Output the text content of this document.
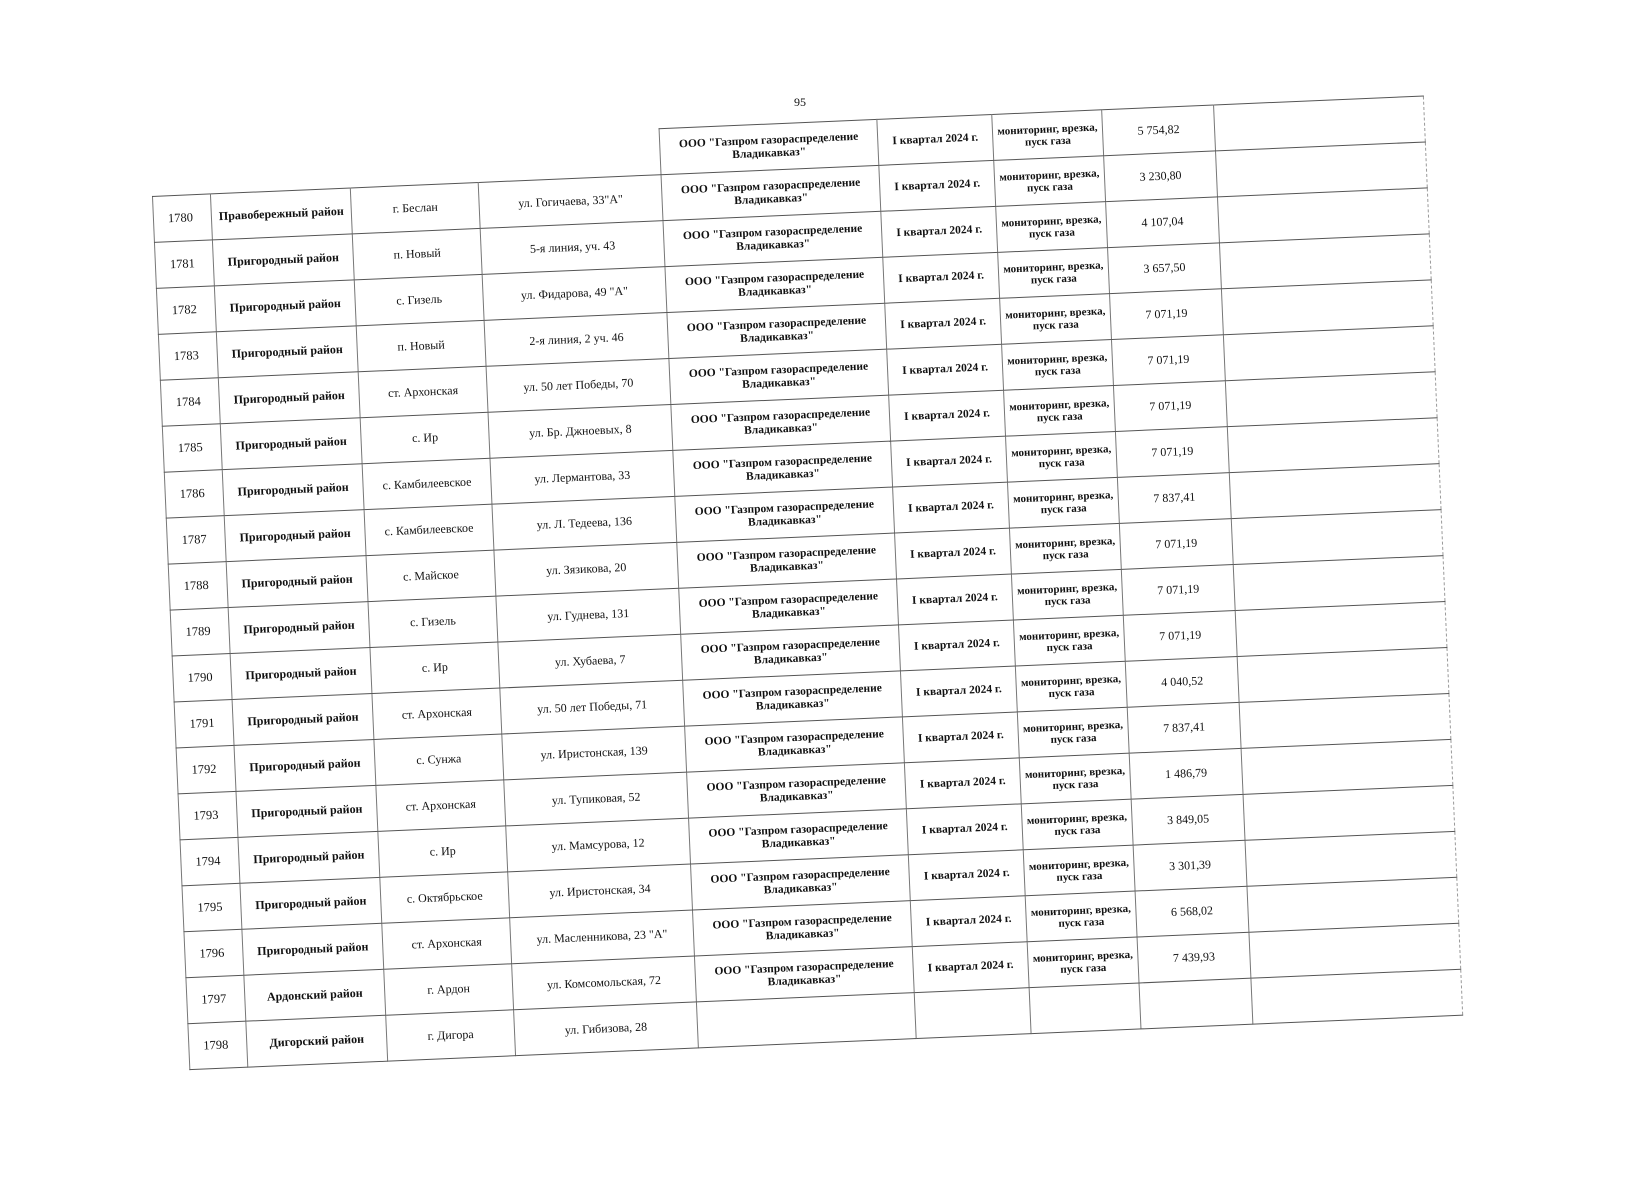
95
				ООО "Газпром газораспределение Владикавказ"	I квартал 2024 г.	мониторинг, врезка, пуск газа	5 754,82	
1780	Правобережный район	г. Беслан	ул. Гогичаева, 33"А"	ООО "Газпром газораспределение Владикавказ"	I квартал 2024 г.	мониторинг, врезка, пуск газа	3 230,80	
1781	Пригородный район	п. Новый	5-я линия, уч. 43	ООО "Газпром газораспределение Владикавказ"	I квартал 2024 г.	мониторинг, врезка, пуск газа	4 107,04	
1782	Пригородный район	с. Гизель	ул. Фидарова, 49 "А"	ООО "Газпром газораспределение Владикавказ"	I квартал 2024 г.	мониторинг, врезка, пуск газа	3 657,50	
1783	Пригородный район	п. Новый	2-я линия, 2 уч. 46	ООО "Газпром газораспределение Владикавказ"	I квартал 2024 г.	мониторинг, врезка, пуск газа	7 071,19	
1784	Пригородный район	ст. Архонская	ул. 50 лет Победы, 70	ООО "Газпром газораспределение Владикавказ"	I квартал 2024 г.	мониторинг, врезка, пуск газа	7 071,19	
1785	Пригородный район	с. Ир	ул. Бр. Джноевых, 8	ООО "Газпром газораспределение Владикавказ"	I квартал 2024 г.	мониторинг, врезка, пуск газа	7 071,19	
1786	Пригородный район	с. Камбилеевское	ул. Лермантова, 33	ООО "Газпром газораспределение Владикавказ"	I квартал 2024 г.	мониторинг, врезка, пуск газа	7 071,19	
1787	Пригородный район	с. Камбилеевское	ул. Л. Тедеева, 136	ООО "Газпром газораспределение Владикавказ"	I квартал 2024 г.	мониторинг, врезка, пуск газа	7 837,41	
1788	Пригородный район	с. Майское	ул. Зязикова, 20	ООО "Газпром газораспределение Владикавказ"	I квартал 2024 г.	мониторинг, врезка, пуск газа	7 071,19	
1789	Пригородный район	с. Гизель	ул. Гуднева, 131	ООО "Газпром газораспределение Владикавказ"	I квартал 2024 г.	мониторинг, врезка, пуск газа	7 071,19	
1790	Пригородный район	с. Ир	ул. Хубаева, 7	ООО "Газпром газораспределение Владикавказ"	I квартал 2024 г.	мониторинг, врезка, пуск газа	7 071,19	
1791	Пригородный район	ст. Архонская	ул. 50 лет Победы, 71	ООО "Газпром газораспределение Владикавказ"	I квартал 2024 г.	мониторинг, врезка, пуск газа	4 040,52	
1792	Пригородный район	с. Сунжа	ул. Иристонская, 139	ООО "Газпром газораспределение Владикавказ"	I квартал 2024 г.	мониторинг, врезка, пуск газа	7 837,41	
1793	Пригородный район	ст. Архонская	ул. Тупиковая, 52	ООО "Газпром газораспределение Владикавказ"	I квартал 2024 г.	мониторинг, врезка, пуск газа	1 486,79	
1794	Пригородный район	с. Ир	ул. Мамсурова, 12	ООО "Газпром газораспределение Владикавказ"	I квартал 2024 г.	мониторинг, врезка, пуск газа	3 849,05	
1795	Пригородный район	с. Октябрьское	ул. Иристонская, 34	ООО "Газпром газораспределение Владикавказ"	I квартал 2024 г.	мониторинг, врезка, пуск газа	3 301,39	
1796	Пригородный район	ст. Архонская	ул. Масленникова, 23 "А"	ООО "Газпром газораспределение Владикавказ"	I квартал 2024 г.	мониторинг, врезка, пуск газа	6 568,02	
1797	Ардонский район	г. Ардон	ул. Комсомольская, 72	ООО "Газпром газораспределение Владикавказ"	I квартал 2024 г.	мониторинг, врезка, пуск газа	7 439,93	
1798	Дигорский район	г. Дигора	ул. Гибизова, 28					
